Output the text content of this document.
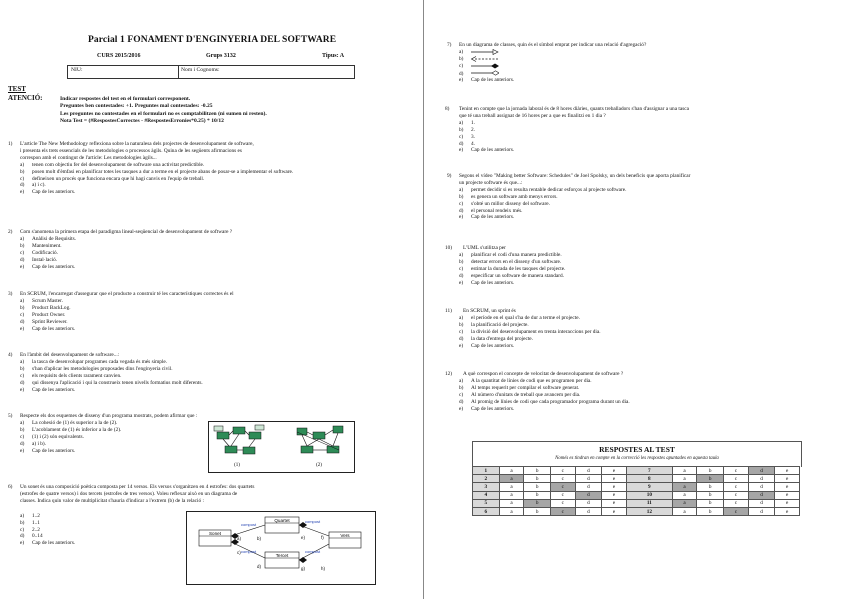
Parcial 1 FONAMENT D'ENGINYERIA DEL SOFTWARE
CURS 2015/2016	Grups 3132	Tipus: A
NIU:	Nom i Cognoms:
TEST
ATENCIÓ:	Indicar respostes del test en el formulari corresponent.
Preguntes ben contestades: +1. Preguntes mal contestades: -0.25
Les preguntes no contestades en el formulari no es comptabilitzen (ni sumen ni resten).
Nota Test = (#RespostesCorrectes - #RespostesErronies*0.25) * 10/12
1) L'article The New Methodology reflexiona sobre la naturalesa dels projectes de desenvolupament de software,
i presenta els trets essencials de les metodologies o processos àgils. Quina de les següents afirmacions es
correspon amb el contingut de l'article: Les metodologies àgils...
a) tenen com objectiu fer del desenvolupament de software una activitat predictible.
b) posen molt d'èmfasi en planificar totes les tasques a dur a terme en el projecte abans de posar-se a implementar el software.
c) defineixen un procés que funciona encara que hi hagi canvis en l'equip de treball.
d) a) i c).
e) Cap de les anteriors.
2) Com s'anomena la primera etapa del paradigma lineal-seqüencial de desenvolupament de software ?
a) Anàlisi de Requisits.
b) Manteniment.
c) Codificació.
d) Instal·lació.
e) Cap de les anteriors.
3) En SCRUM, l'encarregat d'assegurar que el producte a construir té les característiques correctes és el
a) Scrum Master.
b) Product BackLog.
c) Product Owner.
d) Sprint Reviewer.
e) Cap de les anteriors.
4) En l'àmbit del desenvolupament de software...:
a) la tasca de desenvolupar programes cada vegada és més simple.
b) s'han d'aplicar les metodologies proposades dins l'enginyeria civil.
c) els requisits dels clients rarament canvien.
d) qui dissenya l'aplicació i qui la construeix tenen nivells formatius molt diferents.
e) Cap de les anteriors.
5) Respecte els dos esquemes de disseny d'un programa mostrats, podem afirmar que :
a) La cohesió de (1) és superior a la de (2).
b) L'acoblament de (1) és inferior a la de (2).
c) (1) i (2) són equivalents.
d) a) i b).
e) Cap de les anteriors.
(1)	(2)
6) Un sonet és una composició poètica composta per 14 versos. Els versos s'organitzen en 4 estrofes: dos quartets
(estrofes de quatre versos) i dos tercets (estrofes de tres versos). Voleu reflexar això en un diagrama de
classes. Indica quin valor de multiplicitat s'hauria d'indicar a l'extrem (b) de la relació :
a) 1..2
b) 1..1
c) 2..2
d) 0..14
e) Cap de les anteriors.
Sonet
Quartet
Tercet
Vers
compost
compost
compost
compost
a)	b)
c)
d)
e)	f)
g)	h)
7) En un diagrama de classes, quin és el símbol emprat per indicar una relació d'agregació?
a)
b)
c)
d)
e) Cap de les anteriors.
8) Tenint en compte que la jornada laboral és de 8 hores diàries, quants treballadors s'han d'assignar a una tasca
que té una treball assignat de 16 hores per a que es finalitzi en 1 dia ?
a) 1.
b) 2.
c) 3.
d) 4.
e) Cap de les anteriors.
9) Segons el vídeo "Making better Software: Schedules" de Joel Spolsky, un dels beneficis que aporta planificar
un projecte software és que...:
a) permet decidir si es resulta rentable dedicar esforços al projecte software.
b) es genera un software amb menys errors.
c) s'obté un millor disseny del software.
d) el personal rendeix més.
e) Cap de les anteriors.
10)	L'UML s'utilitza per
a) planificar el codi d'una manera predictible.
b) detectar errors en el disseny d'un software.
c) estimar la durada de les tasques del projecte.
d) especificar un software de manera standard.
e) Cap de les anteriors.
11)	En SCRUM, un sprint és
a) el període en el qual s'ha de dur a terme el projecte.
b) la planificació del projecte.
c) la divisió del desenvolupament en trenta interaccions per dia.
d) la data d'entrega del projecte.
e) Cap de les anteriors.
12)	A què correspon el concepte de velocitat de desenvolupament de software ?
a) A la quantitat de línies de codi que es programen per dia.
b) Al temps requerit per compilar el software generat.
c) Al número d'unitats de treball que avancem per dia.
d) Al promig de línies de codi que cada programador programa durant un dia.
e) Cap de les anteriors.
RESPOSTES AL TEST
Només es tindran en compte en la correcció les respostes apuntades en aquesta taula
1	a	b	c	d	e	7	a	b	c	d	e
2	a	b	c	d	e	8	a	b	c	d	e
3	a	b	c	d	e	9	a	b	c	d	e
4	a	b	c	d	e	10	a	b	c	d	e
5	a	b	c	d	e	11	a	b	c	d	e
6	a	b	c	d	e	12	a	b	c	d	e
